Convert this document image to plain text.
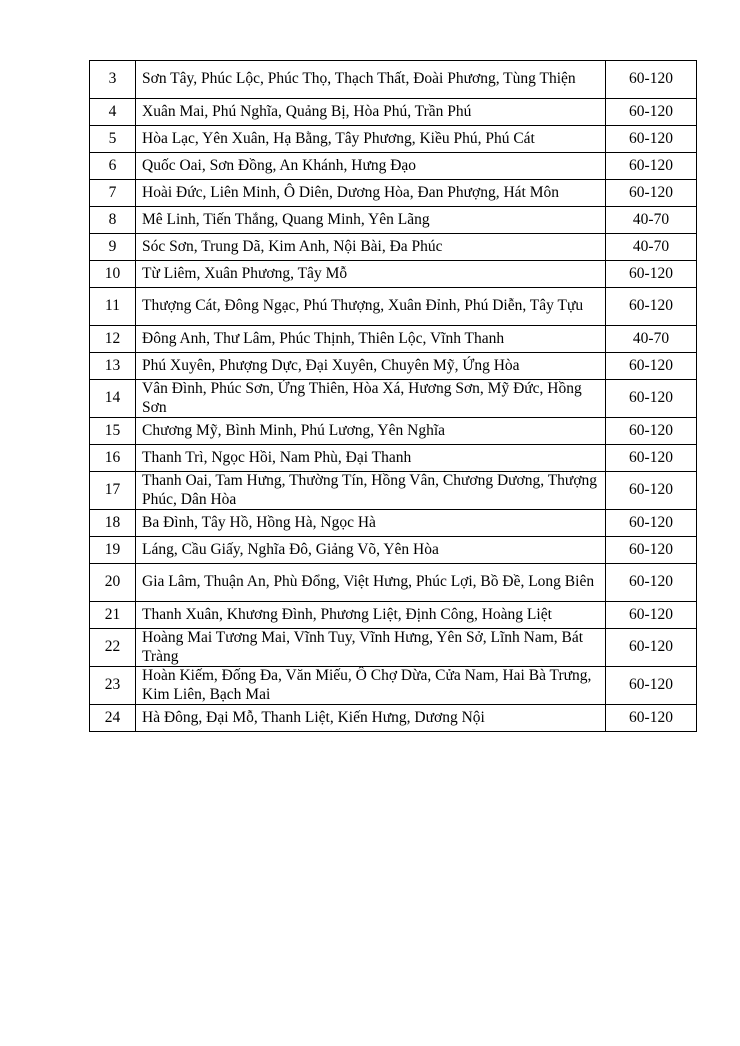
3	Sơn Tây, Phúc Lộc, Phúc Thọ, Thạch Thất, Đoài Phương, Tùng Thiện	60-120
4	Xuân Mai, Phú Nghĩa, Quảng Bị, Hòa Phú, Trần Phú	60-120
5	Hòa Lạc, Yên Xuân, Hạ Bằng, Tây Phương, Kiều Phú, Phú Cát	60-120
6	Quốc Oai, Sơn Đồng, An Khánh, Hưng Đạo	60-120
7	Hoài Đức, Liên Minh, Ô Diên, Dương Hòa, Đan Phượng, Hát Môn	60-120
8	Mê Linh, Tiến Thắng, Quang Minh, Yên Lãng	40-70
9	Sóc Sơn, Trung Dã, Kim Anh, Nội Bài, Đa Phúc	40-70
10	Từ Liêm, Xuân Phương, Tây Mỗ	60-120
11	Thượng Cát, Đông Ngạc, Phú Thượng, Xuân Đỉnh, Phú Diễn, Tây Tựu	60-120
12	Đông Anh, Thư Lâm, Phúc Thịnh, Thiên Lộc, Vĩnh Thanh	40-70
13	Phú Xuyên, Phượng Dực, Đại Xuyên, Chuyên Mỹ, Ứng Hòa	60-120
14	Vân Đình, Phúc Sơn, Ứng Thiên, Hòa Xá, Hương Sơn, Mỹ Đức, Hồng Sơn	60-120
15	Chương Mỹ, Bình Minh, Phú Lương, Yên Nghĩa	60-120
16	Thanh Trì, Ngọc Hồi, Nam Phù, Đại Thanh	60-120
17	Thanh Oai, Tam Hưng, Thường Tín, Hồng Vân, Chương Dương, Thượng Phúc, Dân Hòa	60-120
18	Ba Đình, Tây Hồ, Hồng Hà, Ngọc Hà	60-120
19	Láng, Cầu Giấy, Nghĩa Đô, Giảng Võ, Yên Hòa	60-120
20	Gia Lâm, Thuận An, Phù Đổng, Việt Hưng, Phúc Lợi, Bồ Đề, Long Biên	60-120
21	Thanh Xuân, Khương Đình, Phương Liệt, Định Công, Hoàng Liệt	60-120
22	Hoàng Mai Tương Mai, Vĩnh Tuy, Vĩnh Hưng, Yên Sở, Lĩnh Nam, Bát Tràng	60-120
23	Hoàn Kiếm, Đống Đa, Văn Miếu, Ô Chợ Dừa, Cửa Nam, Hai Bà Trưng, Kim Liên, Bạch Mai	60-120
24	Hà Đông, Đại Mỗ, Thanh Liệt, Kiến Hưng, Dương Nội	60-120
